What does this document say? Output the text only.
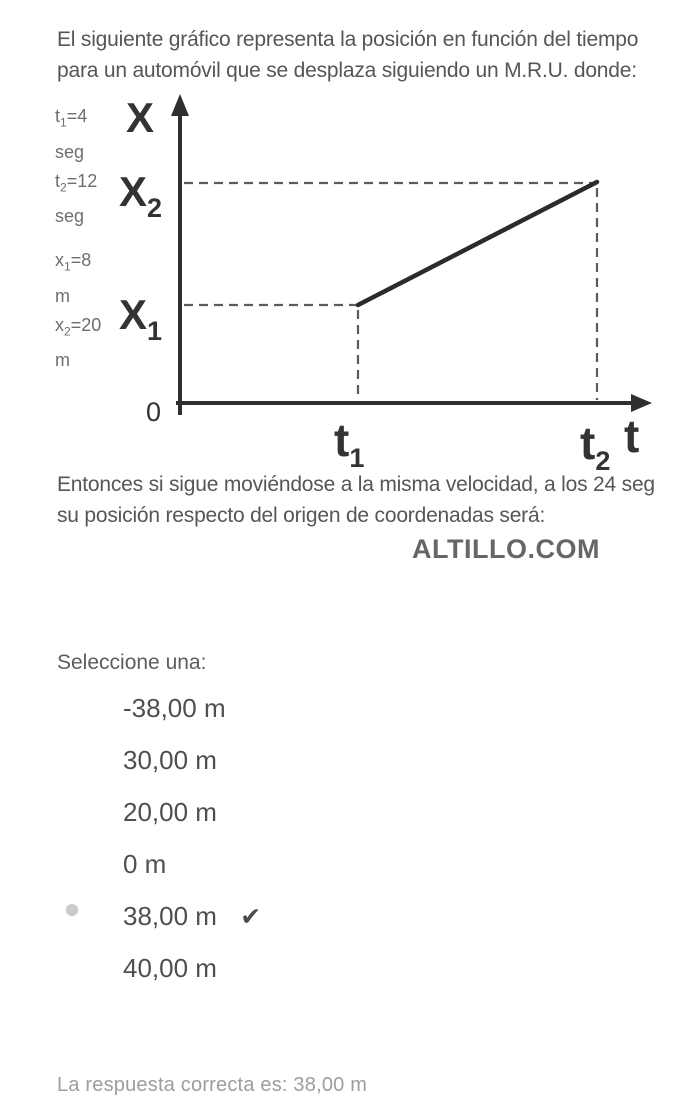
El siguiente gráfico representa la posición en función del tiempo
para un automóvil que se desplaza siguiendo un M.R.U. donde:
$t_1=4$
seg
$t_2=12$
seg
$x_1=8$
m
$x_2=20$
m
X
$X_2$
$X_1$
0
$t_1$	$t_2$ t
Entonces si sigue moviéndose a la misma velocidad, a los 24 seg
su posición respecto del origen de coordenadas será:
ALTILLO.COM
Seleccione una:
-38,00 m
30,00 m
20,00 m
0 m
38,00 m ✔
40,00 m
La respuesta correcta es: 38,00 m
